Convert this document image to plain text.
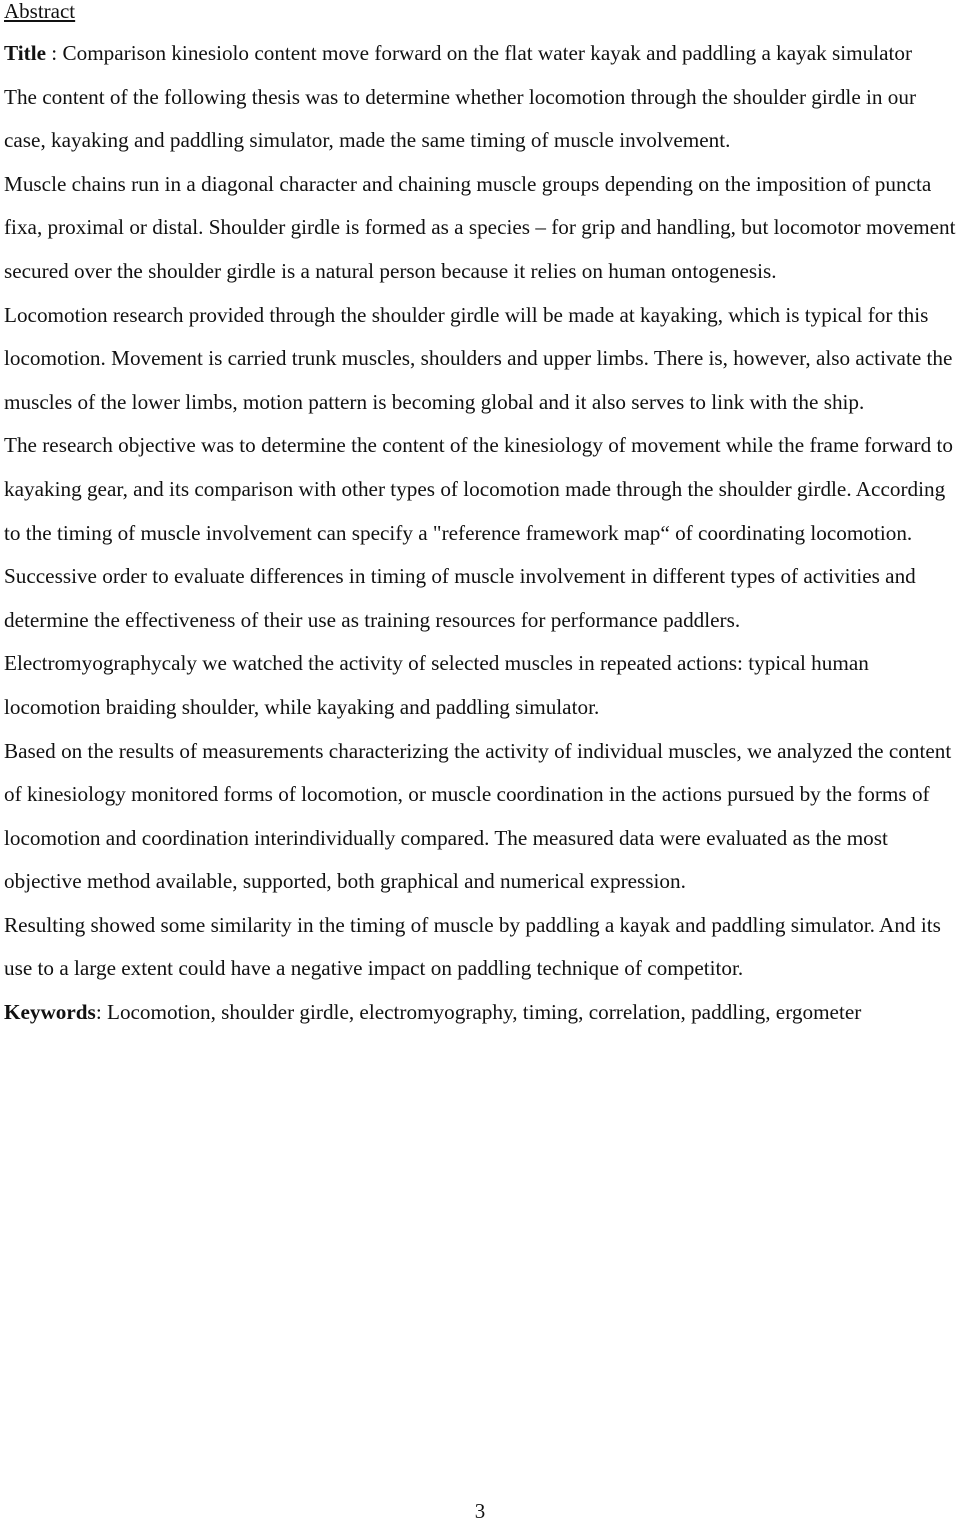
Abstract

Title : Comparison kinesiolo content move forward on the flat water kayak and paddling a kayak simulator

The content of the following thesis was to determine whether locomotion through the shoulder girdle in our case, kayaking and paddling simulator, made the same timing of muscle involvement.

Muscle chains run in a diagonal character and chaining muscle groups depending on the imposition of puncta fixa, proximal or distal. Shoulder girdle is formed as a species – for grip and handling, but locomotor movement secured over the shoulder girdle is a natural person because it relies on human ontogenesis.

Locomotion research provided through the shoulder girdle will be made at kayaking, which is typical for this locomotion. Movement is carried trunk muscles, shoulders and upper limbs. There is, however, also activate the muscles of the lower limbs, motion pattern is becoming global and it also serves to link with the ship.

The research objective was to determine the content of the kinesiology of movement while the frame forward to kayaking gear, and its comparison with other types of locomotion made through the shoulder girdle. According to the timing of muscle involvement can specify a "reference framework map“ of coordinating locomotion. Successive order to evaluate differences in timing of muscle involvement in different types of activities and determine the effectiveness of their use as training resources for performance paddlers.

Electromyographycaly we watched the activity of selected muscles in repeated actions: typical human locomotion braiding shoulder, while kayaking and paddling simulator.

Based on the results of measurements characterizing the activity of individual muscles, we analyzed the content of kinesiology monitored forms of locomotion, or muscle coordination in the actions pursued by the forms of locomotion and coordination interindividually compared. The measured data were evaluated as the most objective method available, supported, both graphical and numerical expression.

Resulting showed some similarity in the timing of muscle by paddling a kayak and paddling simulator. And its use to a large extent could have a negative impact on paddling technique of competitor.

Keywords: Locomotion, shoulder girdle, electromyography, timing, correlation, paddling, ergometer

3
